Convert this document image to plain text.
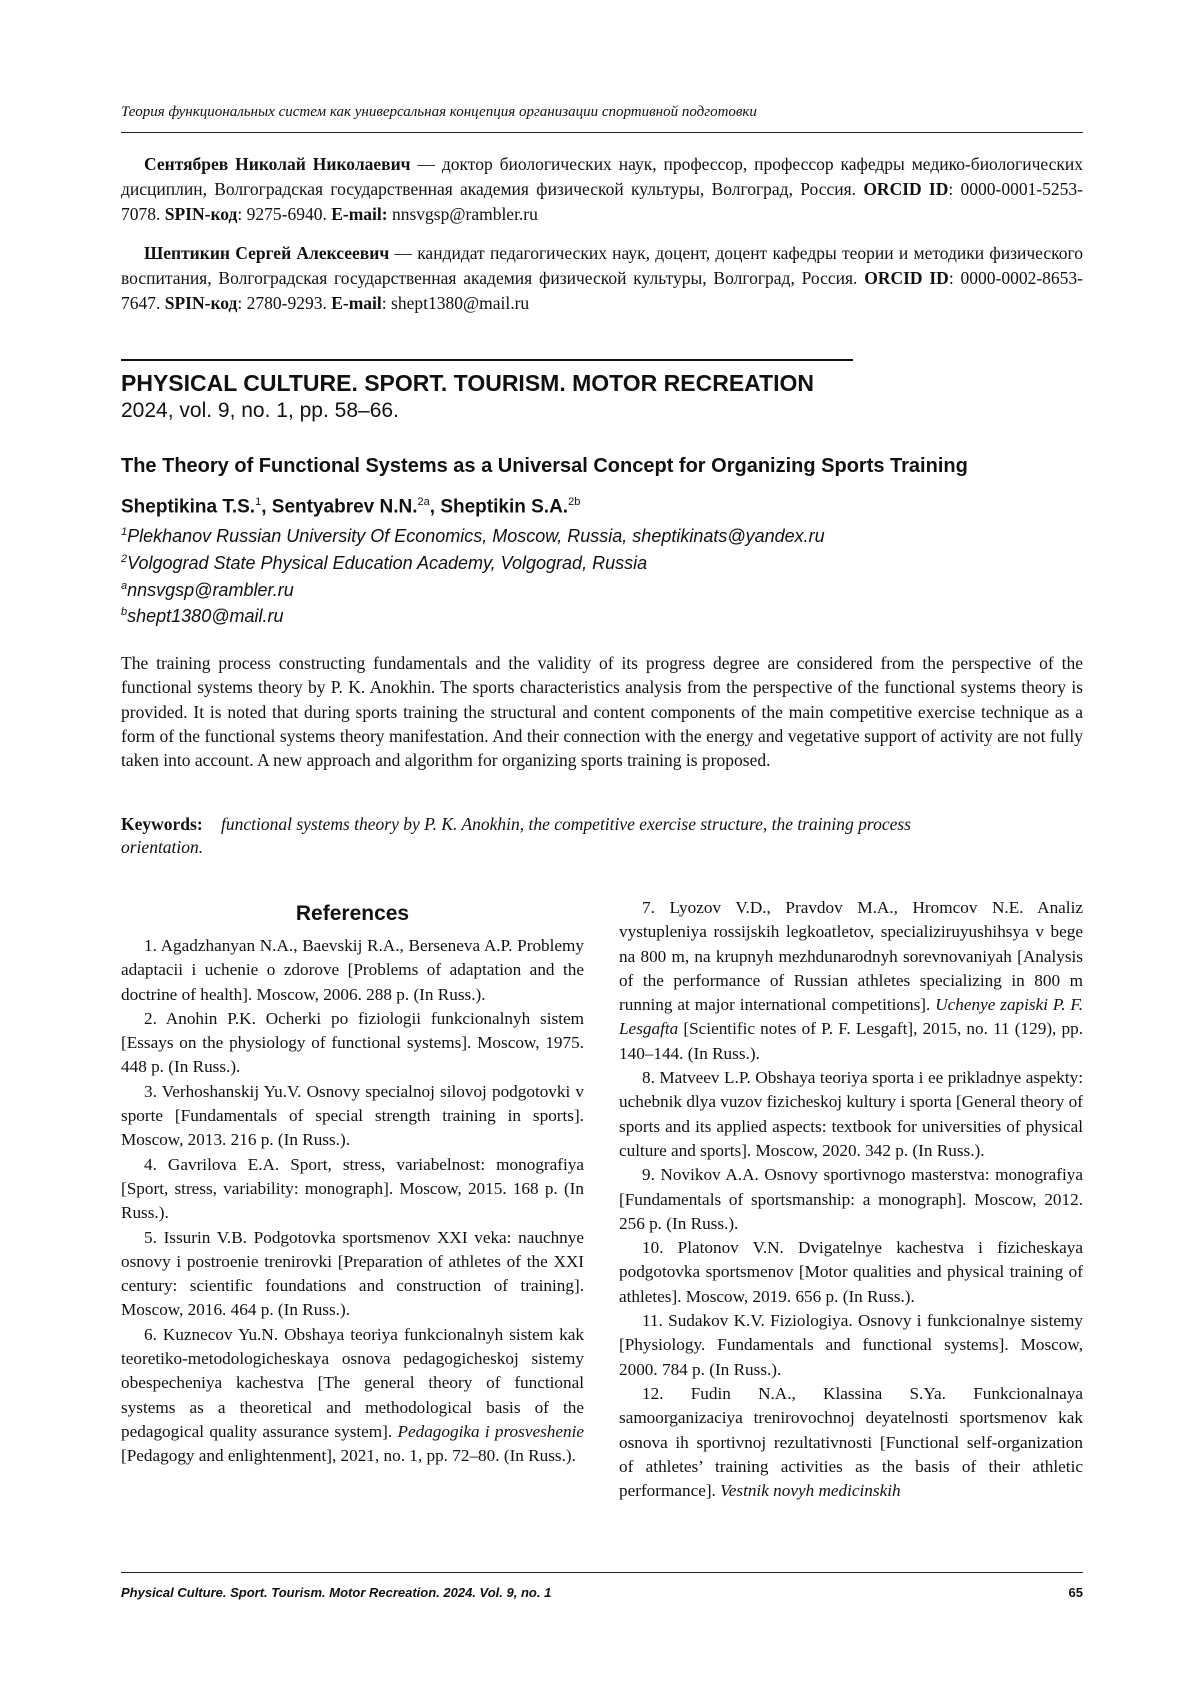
Теория функциональных систем как универсальная концепция организации спортивной подготовки

Сентябрев Николай Николаевич — доктор биологических наук, профессор, профессор кафедры медико-биологических дисциплин, Волгоградская государственная академия физической культуры, Волгоград, Россия. ORCID ID: 0000-0001-5253-7078. SPIN-код: 9275-6940. E-mail: nnsvgsp@rambler.ru

Шептикин Сергей Алексеевич — кандидат педагогических наук, доцент, доцент кафедры теории и методики физического воспитания, Волгоградская государственная академия физической культуры, Волгоград, Россия. ORCID ID: 0000-0002-8653-7647. SPIN-код: 2780-9293. E-mail: shept1380@mail.ru

PHYSICAL CULTURE. SPORT. TOURISM. MOTOR RECREATION
2024, vol. 9, no. 1, pp. 58–66.
The Theory of Functional Systems as a Universal Concept for Organizing Sports Training
Sheptikina T.S.$^1$, Sentyabrev N.N.$^{2a}$, Sheptikin S.A.$^{2b}$
$^1$Plekhanov Russian University Of Economics, Moscow, Russia, sheptikinats@yandex.ru
$^2$Volgograd State Physical Education Academy, Volgograd, Russia
$^a$nnsvgsp@rambler.ru
$^b$shept1380@mail.ru

The training process constructing fundamentals and the validity of its progress degree are considered from the perspective of the functional systems theory by P. K. Anokhin. The sports characteristics analysis from the perspective of the functional systems theory is provided. It is noted that during sports training the structural and content components of the main competitive exercise technique as a form of the functional systems theory manifestation. And their connection with the energy and vegetative support of activity are not fully taken into account. A new approach and algorithm for organizing sports training is proposed.

Keywords:	functional systems theory by P. K. Anokhin, the competitive exercise structure, the training process orientation.
References

1. Agadzhanyan N.A., Baevskij R.A., Berseneva A.P. Problemy adaptacii i uchenie o zdorove [Problems of adaptation and the doctrine of health]. Moscow, 2006. 288 p. (In Russ.).

2. Anohin P.K. Ocherki po fiziologii funkcionalnyh sistem [Essays on the physiology of functional systems]. Moscow, 1975. 448 p. (In Russ.).

3. Verhoshanskij Yu.V. Osnovy specialnoj silovoj podgotovki v sporte [Fundamentals of special strength training in sports]. Moscow, 2013. 216 p. (In Russ.).

4. Gavrilova E.A. Sport, stress, variabelnost: monografiya [Sport, stress, variability: monograph]. Moscow, 2015. 168 p. (In Russ.).

5. Issurin V.B. Podgotovka sportsmenov XXI veka: nauchnye osnovy i postroenie trenirovki [Preparation of athletes of the XXI century: scientific foundations and construction of training]. Moscow, 2016. 464 p. (In Russ.).

6. Kuznecov Yu.N. Obshaya teoriya funkcionalnyh sistem kak teoretiko-metodologicheskaya osnova pedagogicheskoj sistemy obespecheniya kachestva [The general theory of functional systems as a theoretical and methodological basis of the pedagogical quality assurance system]. Pedagogika i prosveshenie [Pedagogy and enlightenment], 2021, no. 1, pp. 72–80. (In Russ.).

7. Lyozov V.D., Pravdov M.A., Hromcov N.E. Analiz vystupleniya rossijskih legkoatletov, specializiruyushihsya v bege na 800 m, na krupnyh mezhdunarodnyh sorevnovaniyah [Analysis of the performance of Russian athletes specializing in 800 m running at major international competitions]. Uchenye zapiski P. F. Lesgafta [Scientific notes of P. F. Lesgaft], 2015, no. 11 (129), pp. 140–144. (In Russ.).

8. Matveev L.P. Obshaya teoriya sporta i ee prikladnye aspekty: uchebnik dlya vuzov fizicheskoj kultury i sporta [General theory of sports and its applied aspects: textbook for universities of physical culture and sports]. Moscow, 2020. 342 p. (In Russ.).

9. Novikov A.A. Osnovy sportivnogo masterstva: monografiya [Fundamentals of sportsmanship: a monograph]. Moscow, 2012. 256 p. (In Russ.).

10. Platonov V.N. Dvigatelnye kachestva i fizicheskaya podgotovka sportsmenov [Motor qualities and physical training of athletes]. Moscow, 2019. 656 p. (In Russ.).

11. Sudakov K.V. Fiziologiya. Osnovy i funkcionalnye sistemy [Physiology. Fundamentals and functional systems]. Moscow, 2000. 784 p. (In Russ.).

12. Fudin N.A., Klassina S.Ya. Funkcionalnaya samoorganizaciya trenirovochnoj deyatelnosti sportsmenov kak osnova ih sportivnoj rezultativnosti [Functional self-organization of athletes’ training activities as the basis of their athletic performance]. Vestnik novyh medicinskih

Physical Culture. Sport. Tourism. Motor Recreation. 2024. Vol. 9, no. 1	65
